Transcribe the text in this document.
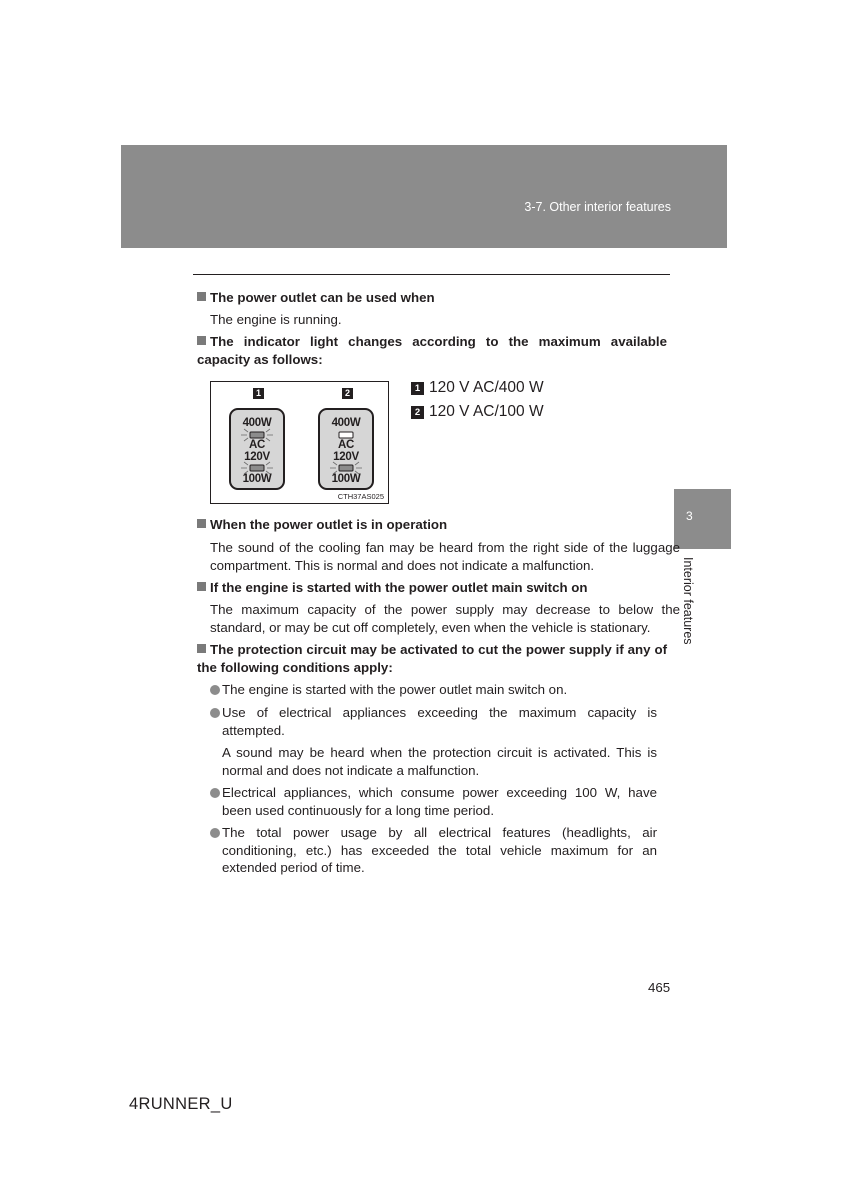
3-7. Other interior features
3
Interior features
The power outlet can be used when
The engine is running.
The indicator light changes according to the maximum available capacity as follows:
1	2
400W
AC
120V
100W
400W
AC
120V
100W
CTH37AS025
1 120 V AC/400 W
2 120 V AC/100 W
When the power outlet is in operation
The sound of the cooling fan may be heard from the right side of the luggage compartment. This is normal and does not indicate a malfunction.
If the engine is started with the power outlet main switch on
The maximum capacity of the power supply may decrease to below the standard, or may be cut off completely, even when the vehicle is stationary.
The protection circuit may be activated to cut the power supply if any of the following conditions apply:
The engine is started with the power outlet main switch on.
Use of electrical appliances exceeding the maximum capacity is attempted.
A sound may be heard when the protection circuit is activated. This is normal and does not indicate a malfunction.
Electrical appliances, which consume power exceeding 100 W, have been used continuously for a long time period.
The total power usage by all electrical features (headlights, air conditioning, etc.) has exceeded the total vehicle maximum for an extended period of time.
465
4RUNNER_U
